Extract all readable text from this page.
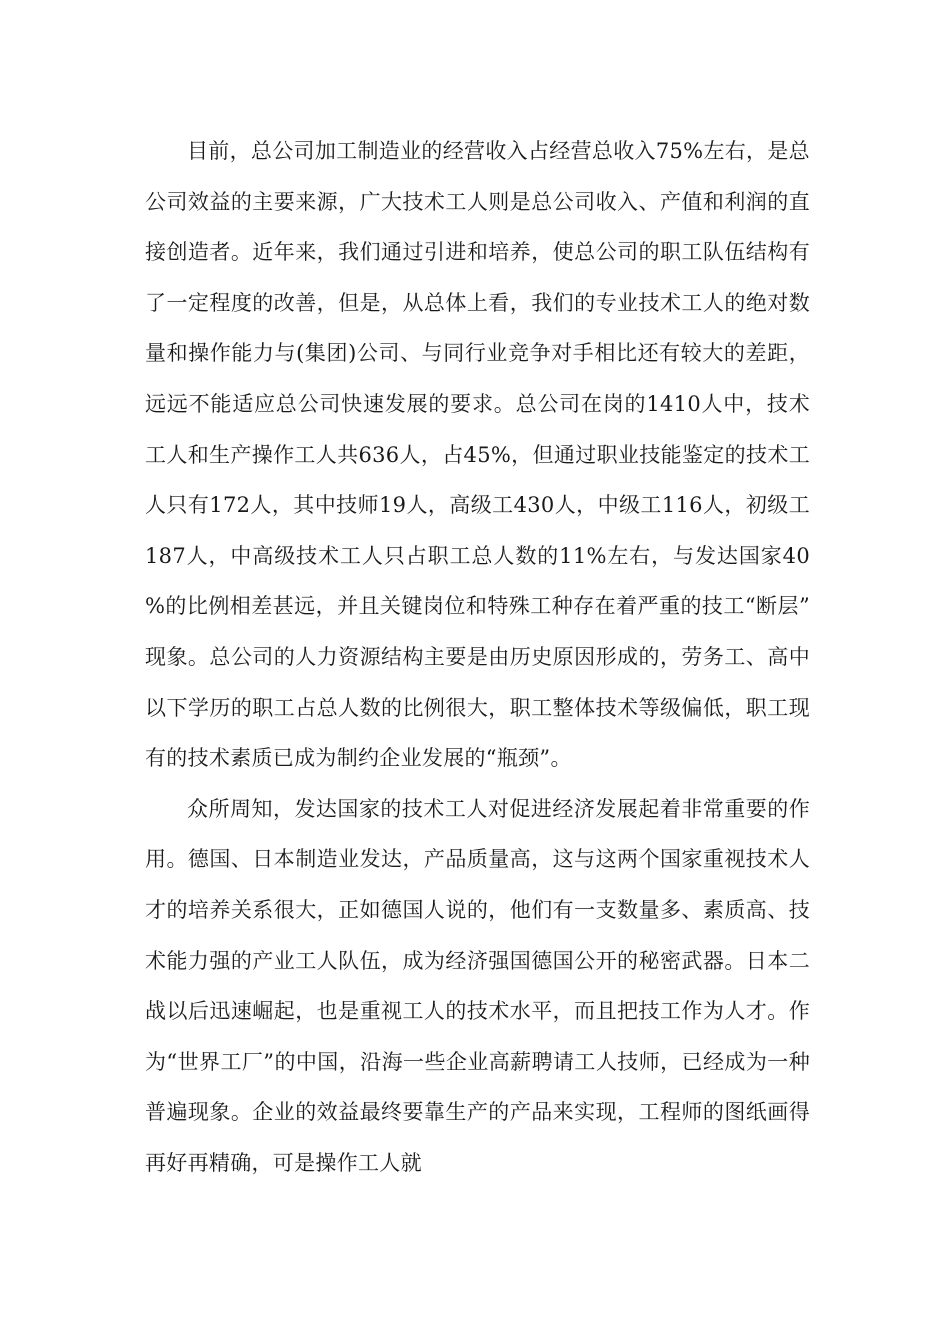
目前，总公司加工制造业的经营收入占经营总收入75%左右，是总公司效益的主要来源，广大技术工人则是总公司收入、产值和利润的直接创造者。近年来，我们通过引进和培养，使总公司的职工队伍结构有了一定程度的改善，但是，从总体上看，我们的专业技术工人的绝对数量和操作能力与(集团)公司、与同行业竞争对手相比还有较大的差距，远远不能适应总公司快速发展的要求。总公司在岗的1410人中，技术工人和生产操作工人共636人，占45%，但通过职业技能鉴定的技术工人只有172人，其中技师19人，高级工430人，中级工116人，初级工187人，中高级技术工人只占职工总人数的11%左右，与发达国家40%的比例相差甚远，并且关键岗位和特殊工种存在着严重的技工“断层”现象。总公司的人力资源结构主要是由历史原因形成的，劳务工、高中以下学历的职工占总人数的比例很大，职工整体技术等级偏低，职工现有的技术素质已成为制约企业发展的“瓶颈”。

众所周知，发达国家的技术工人对促进经济发展起着非常重要的作用。德国、日本制造业发达，产品质量高，这与这两个国家重视技术人才的培养关系很大，正如德国人说的，他们有一支数量多、素质高、技术能力强的产业工人队伍，成为经济强国德国公开的秘密武器。日本二战以后迅速崛起，也是重视工人的技术水平，而且把技工作为人才。作为“世界工厂”的中国，沿海一些企业高薪聘请工人技师，已经成为一种普遍现象。企业的效益最终要靠生产的产品来实现，工程师的图纸画得再好再精确，可是操作工人就
